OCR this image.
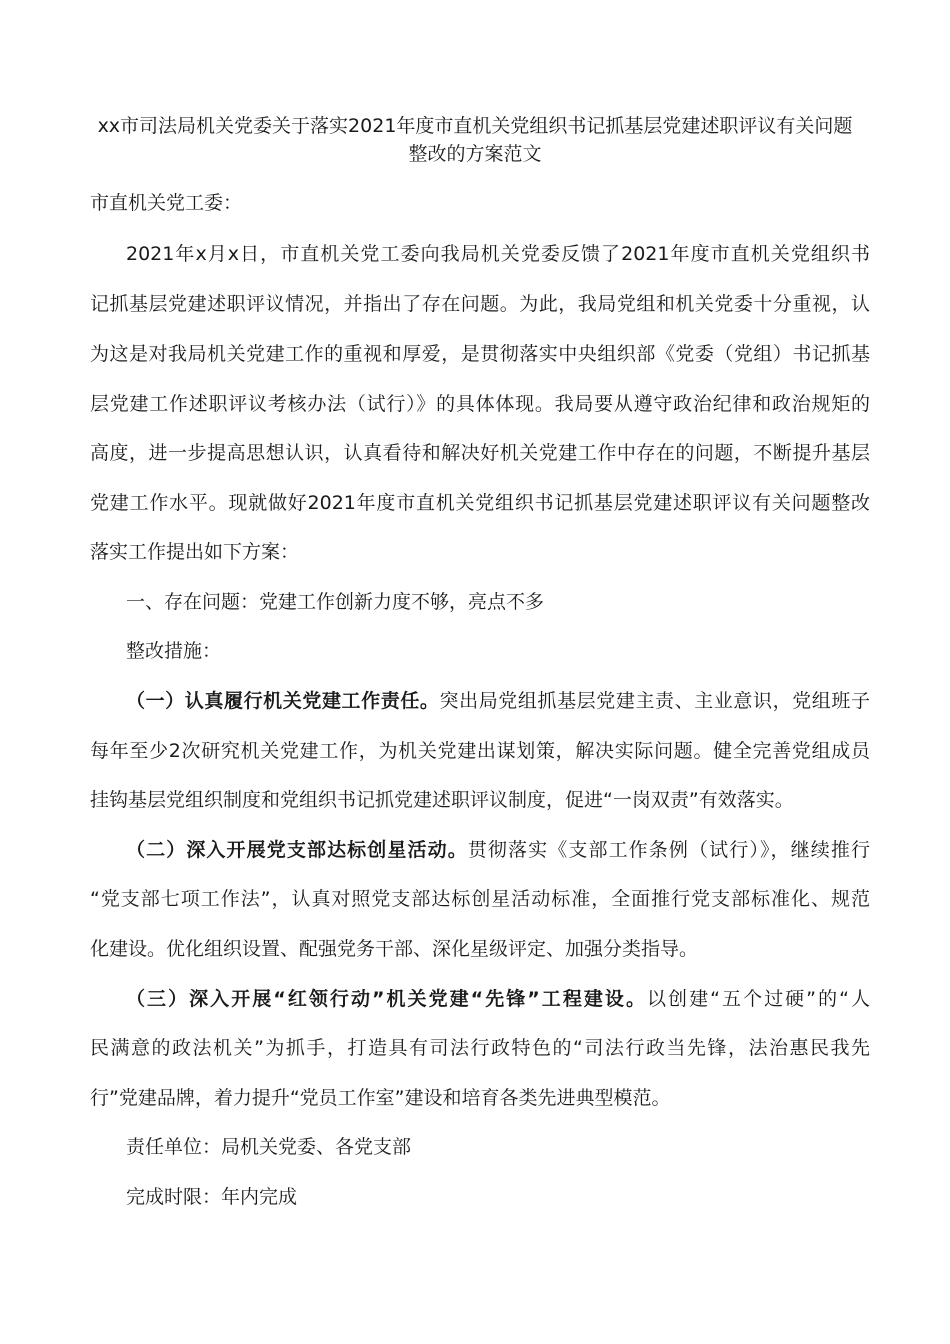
xx市司法局机关党委关于落实2021年度市直机关党组织书记抓基层党建述职评议有关问题
整改的方案范文

市直机关党工委：

2021年x月x日，市直机关党工委向我局机关党委反馈了2021年度市直机关党组织书

记抓基层党建述职评议情况，并指出了存在问题。为此，我局党组和机关党委十分重视，认

为这是对我局机关党建工作的重视和厚爱，是贯彻落实中央组织部《党委（党组）书记抓基

层党建工作述职评议考核办法（试行）》的具体体现。我局要从遵守政治纪律和政治规矩的

高度，进一步提高思想认识，认真看待和解决好机关党建工作中存在的问题，不断提升基层

党建工作水平。现就做好2021年度市直机关党组织书记抓基层党建述职评议有关问题整改

落实工作提出如下方案：

一、存在问题：党建工作创新力度不够，亮点不多

整改措施：

（一）认真履行机关党建工作责任。突出局党组抓基层党建主责、主业意识，党组班子

每年至少2次研究机关党建工作，为机关党建出谋划策，解决实际问题。健全完善党组成员

挂钩基层党组织制度和党组织书记抓党建述职评议制度，促进“一岗双责”有效落实。

（二）深入开展党支部达标创星活动。贯彻落实《支部工作条例（试行）》，继续推行

“党支部七项工作法”，认真对照党支部达标创星活动标准，全面推行党支部标准化、规范

化建设。优化组织设置、配强党务干部、深化星级评定、加强分类指导。

（三）深入开展“红领行动”机关党建“先锋”工程建设。以创建“五个过硬”的“人

民满意的政法机关”为抓手，打造具有司法行政特色的“司法行政当先锋，法治惠民我先

行”党建品牌，着力提升“党员工作室”建设和培育各类先进典型模范。

责任单位：局机关党委、各党支部

完成时限：年内完成
